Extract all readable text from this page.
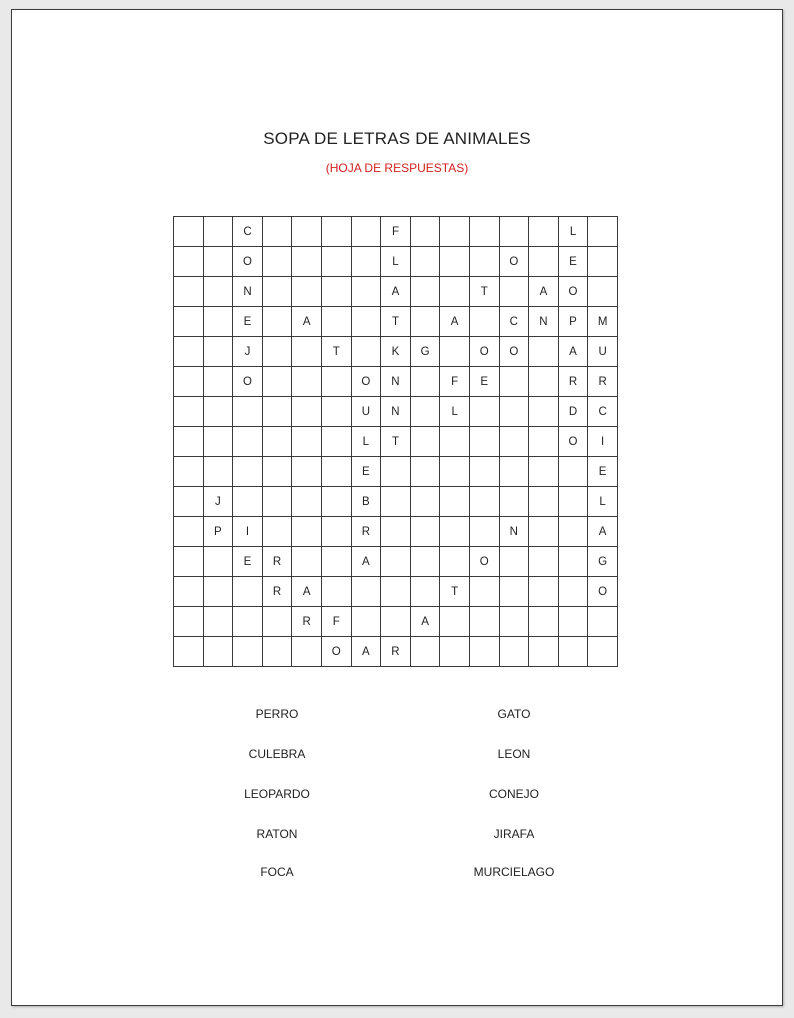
SOPA DE LETRAS DE ANIMALES
(HOJA DE RESPUESTAS)
		C					F						L	
		O					L				O		E	
		N					A			T		A	O	
		E		A			T		A		C	N	P	M
		J			T		K	G		O	O		A	U
		O				O	N		F	E			R	R
						U	N		L				D	C
						L	T						O	I
						E								E
	J					B								L
	P	I				R					N			A
		E	R			A				O				G
			R	A					T					O
				R	F			A						
					O	A	R							
PERRO
CULEBRA
LEOPARDO
RATON
FOCA
GATO
LEON
CONEJO
JIRAFA
MURCIELAGO
